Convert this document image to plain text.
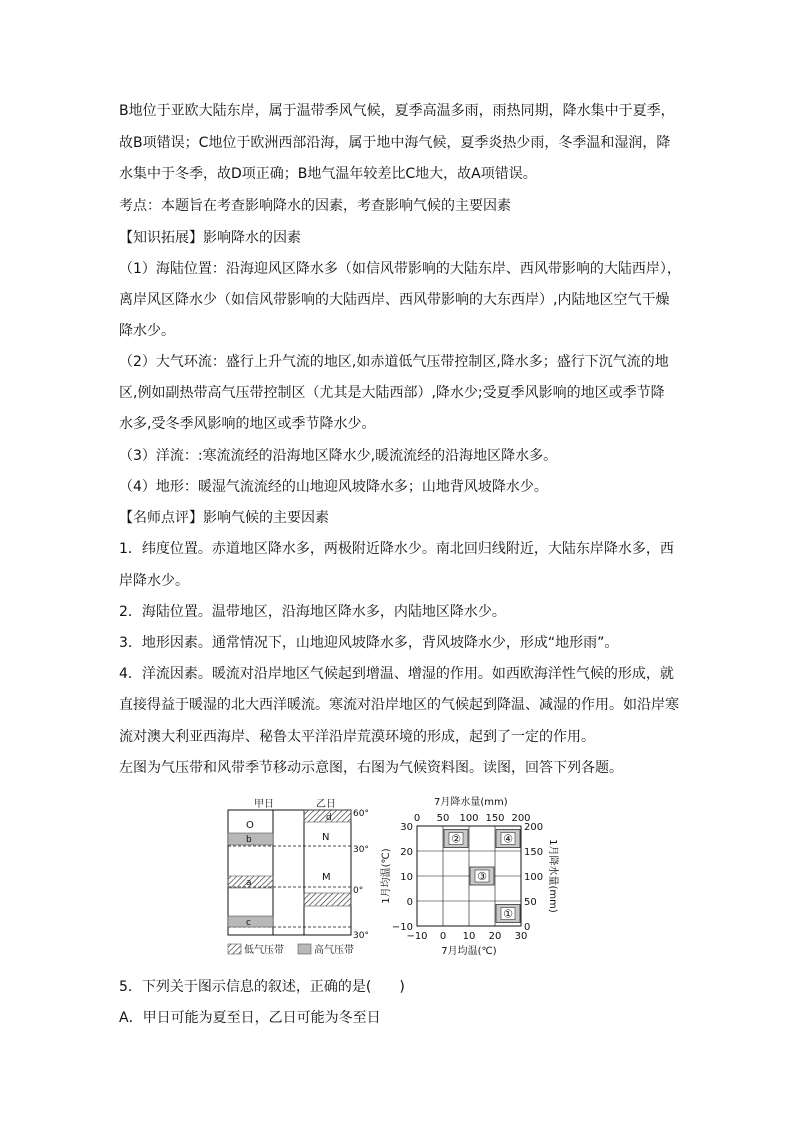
B地位于亚欧大陆东岸，属于温带季风气候，夏季高温多雨，雨热同期，降水集中于夏季，
故B项错误；C地位于欧洲西部沿海，属于地中海气候，夏季炎热少雨，冬季温和湿润，降
水集中于冬季，故D项正确；B地气温年较差比C地大，故A项错误。
考点：本题旨在考查影响降水的因素，考查影响气候的主要因素
【知识拓展】影响降水的因素
（1）海陆位置：沿海迎风区降水多（如信风带影响的大陆东岸、西风带影响的大陆西岸），
离岸风区降水少（如信风带影响的大陆西岸、西风带影响的大东西岸）,内陆地区空气干燥
降水少。
（2）大气环流：盛行上升气流的地区,如赤道低气压带控制区,降水多；盛行下沉气流的地
区,例如副热带高气压带控制区（尤其是大陆西部）,降水少;受夏季风影响的地区或季节降
水多,受冬季风影响的地区或季节降水少。
（3）洋流：:寒流流经的沿海地区降水少,暖流流经的沿海地区降水多。
（4）地形：暖湿气流流经的山地迎风坡降水多；山地背风坡降水少。
【名师点评】影响气候的主要因素
1．纬度位置。赤道地区降水多，两极附近降水少。南北回归线附近，大陆东岸降水多，西
岸降水少。
2．海陆位置。温带地区，沿海地区降水多，内陆地区降水少。
3．地形因素。通常情况下，山地迎风坡降水多，背风坡降水少，形成“地形雨”。
4．洋流因素。暖流对沿岸地区气候起到增温、增湿的作用。如西欧海洋性气候的形成，就
直接得益于暖湿的北大西洋暖流。寒流对沿岸地区的气候起到降温、减湿的作用。如沿岸寒
流对澳大利亚西海岸、秘鲁太平洋沿岸荒漠环境的形成，起到了一定的作用。
左图为气压带和风带季节移动示意图，右图为气候资料图。读图，回答下列各题。
甲日	乙日
O
b
a
c
d
N
M
60°
30°
0°
30°
低气压带	高气压带
7月降水量(mm)
0 50 100 150 200
①
②
③
④
30
20
10
0
−10
1月均温(℃)
200
150
100
50
0
1月降水量(mm)
−10 0 10 20 30
7月均温(℃)
5．下列关于图示信息的叙述，正确的是(　　)
A．甲日可能为夏至日，乙日可能为冬至日
